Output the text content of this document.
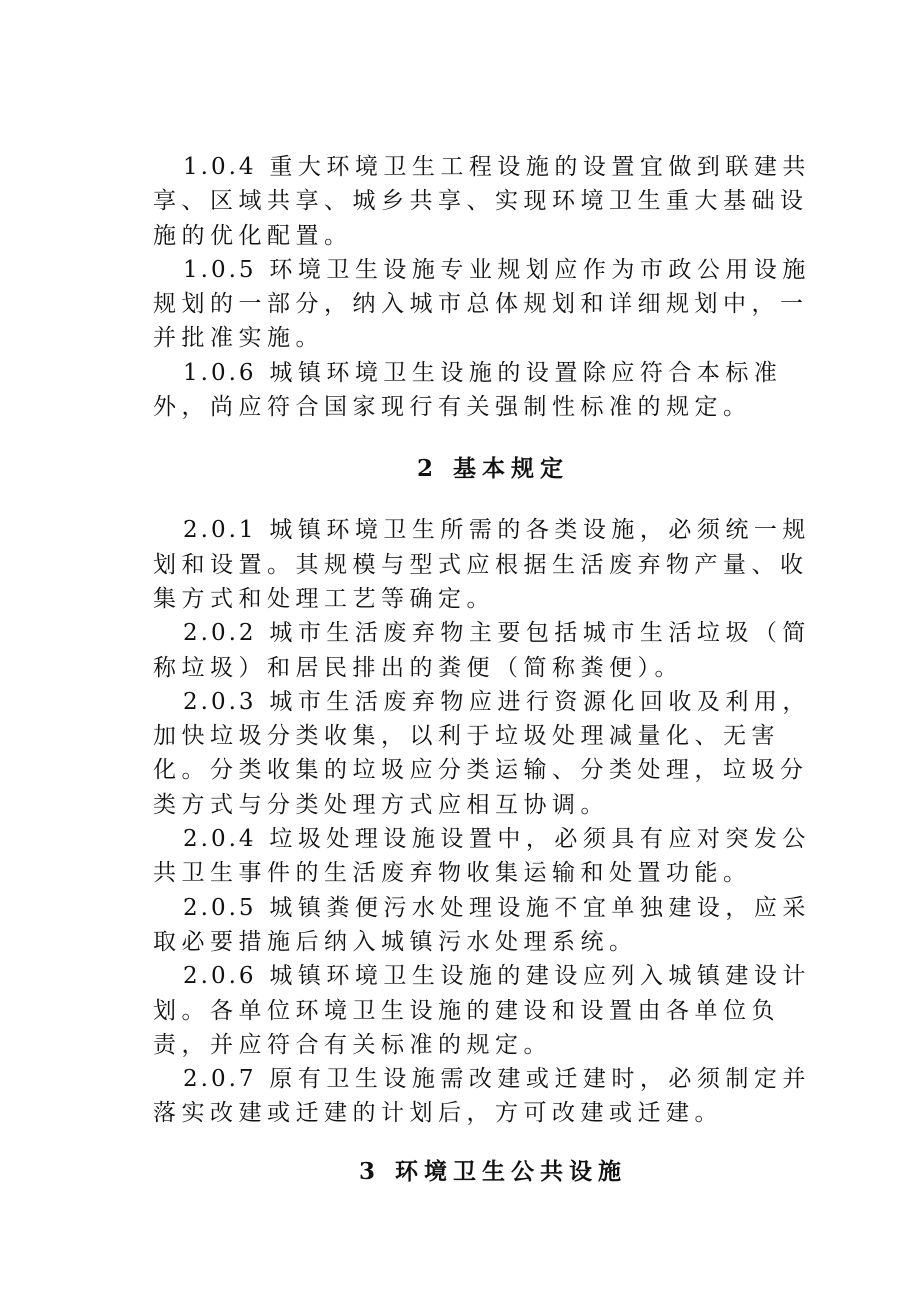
1.0.4 重大环境卫生工程设施的设置宜做到联建共享、区域共享、城乡共享、实现环境卫生重大基础设施的优化配置。

1.0.5 环境卫生设施专业规划应作为市政公用设施规划的一部分，纳入城市总体规划和详细规划中，一并批准实施。

1.0.6 城镇环境卫生设施的设置除应符合本标准外，尚应符合国家现行有关强制性标准的规定。

2 基本规定

2.0.1 城镇环境卫生所需的各类设施，必须统一规划和设置。其规模与型式应根据生活废弃物产量、收集方式和处理工艺等确定。

2.0.2 城市生活废弃物主要包括城市生活垃圾（简称垃圾）和居民排出的粪便（简称粪便）。

2.0.3 城市生活废弃物应进行资源化回收及利用，加快垃圾分类收集，以利于垃圾处理减量化、无害化。分类收集的垃圾应分类运输、分类处理，垃圾分类方式与分类处理方式应相互协调。

2.0.4 垃圾处理设施设置中，必须具有应对突发公共卫生事件的生活废弃物收集运输和处置功能。

2.0.5 城镇粪便污水处理设施不宜单独建设，应采取必要措施后纳入城镇污水处理系统。

2.0.6 城镇环境卫生设施的建设应列入城镇建设计划。各单位环境卫生设施的建设和设置由各单位负责，并应符合有关标准的规定。

2.0.7 原有卫生设施需改建或迁建时，必须制定并落实改建或迁建的计划后，方可改建或迁建。

3 环境卫生公共设施
